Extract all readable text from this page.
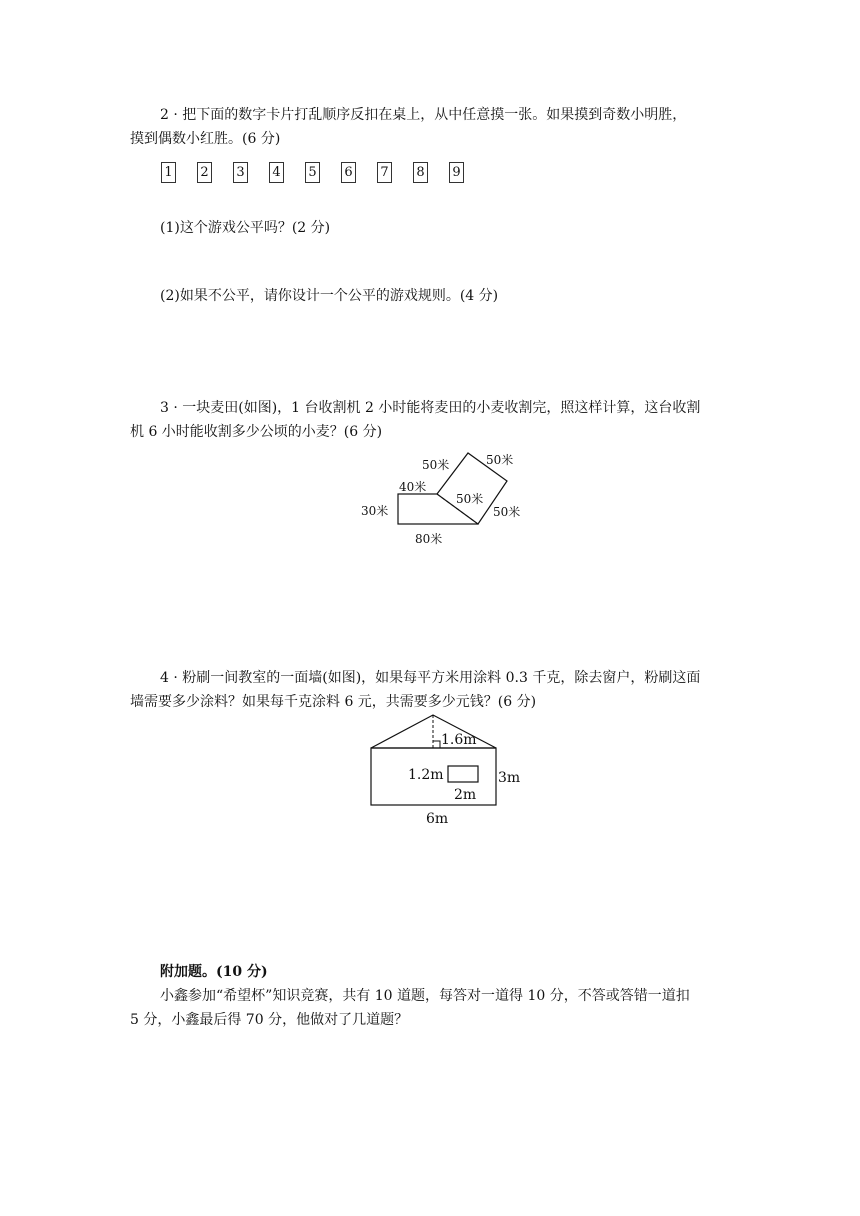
2 · 把下面的数字卡片打乱顺序反扣在桌上，从中任意摸一张。如果摸到奇数小明胜，

摸到偶数小红胜。(6 分)

1 2 3 4 5 6 7 8 9

(1)这个游戏公平吗？(2 分)

(2)如果不公平，请你设计一个公平的游戏规则。(4 分)

3 · 一块麦田(如图)，1 台收割机 2 小时能将麦田的小麦收割完，照这样计算，这台收割

机 6 小时能收割多少公顷的小麦？(6 分)

50米	50米
40米
50米
50米
30米
80米

4 · 粉刷一间教室的一面墙(如图)，如果每平方米用涂料 0.3 千克，除去窗户，粉刷这面

墙需要多少涂料？如果每千克涂料 6 元，共需要多少元钱？(6 分)

1.6m
1.2m
2m
3m
6m

附加题。(10 分)

小鑫参加“希望杯”知识竞赛，共有 10 道题，每答对一道得 10 分，不答或答错一道扣

5 分，小鑫最后得 70 分，他做对了几道题？
